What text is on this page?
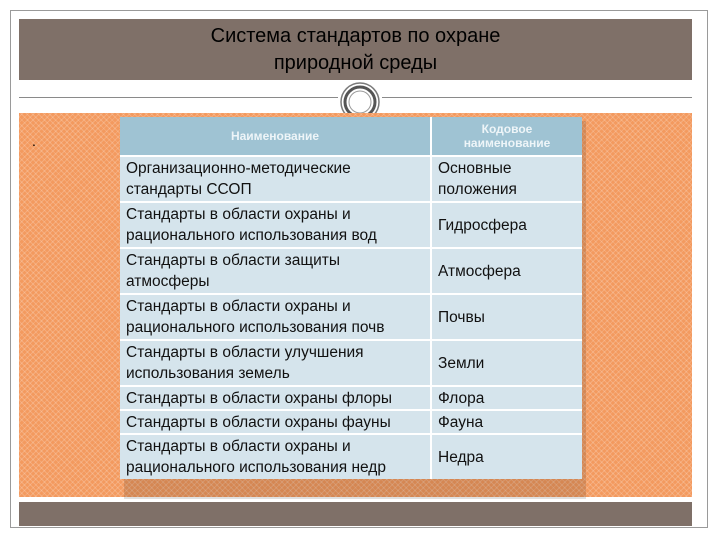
Система стандартов по охране
природной среды
.	Наименование	Кодовое наименование
Организационно-методические стандарты ССОП	Основные положения
Стандарты в области охраны и рационального использования вод	Гидросфера
Стандарты в области защиты атмосферы	Атмосфера
Стандарты в области охраны и рационального использования почв	Почвы
Стандарты в области улучшения использования земель	Земли
Стандарты в области охраны флоры	Флора
Стандарты в области охраны фауны	Фауна
Стандарты в области охраны и рационального использования недр	Недра
